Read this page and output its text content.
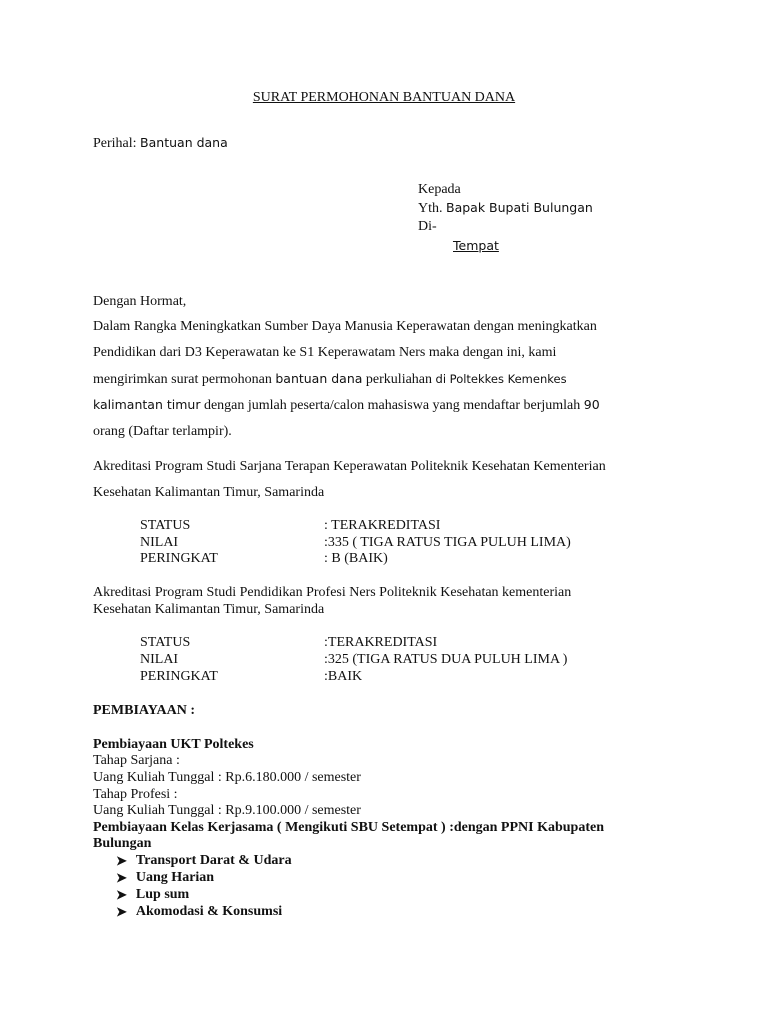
SURAT PERMOHONAN BANTUAN DANA
Perihal: Bantuan dana
Kepada
Yth. Bapak Bupati Bulungan
Di-
Tempat
Dengan Hormat,
Dalam Rangka Meningkatkan Sumber Daya Manusia Keperawatan dengan meningkatkan
Pendidikan dari D3 Keperawatan ke S1 Keperawatam Ners maka dengan ini, kami
mengirimkan surat permohonan bantuan dana perkuliahan di Poltekkes Kemenkes
kalimantan timur dengan jumlah peserta/calon mahasiswa yang mendaftar berjumlah 90
orang (Daftar terlampir).
Akreditasi Program Studi Sarjana Terapan Keperawatan Politeknik Kesehatan Kementerian
Kesehatan Kalimantan Timur, Samarinda
STATUS	: TERAKREDITASI
NILAI	:335 ( TIGA RATUS TIGA PULUH LIMA)
PERINGKAT	: B (BAIK)
Akreditasi Program Studi Pendidikan Profesi Ners Politeknik Kesehatan kementerian
Kesehatan Kalimantan Timur, Samarinda
STATUS	:TERAKREDITASI
NILAI	:325 (TIGA RATUS DUA PULUH LIMA )
PERINGKAT	:BAIK
PEMBIAYAAN :
Pembiayaan UKT Poltekes
Tahap Sarjana :
Uang Kuliah Tunggal : Rp.6.180.000 / semester
Tahap Profesi :
Uang Kuliah Tunggal : Rp.9.100.000 / semester
Pembiayaan Kelas Kerjasama ( Mengikuti SBU Setempat ) :dengan PPNI Kabupaten
Bulungan
➤ Transport Darat & Udara
➤ Uang Harian
➤ Lup sum
➤ Akomodasi & Konsumsi
